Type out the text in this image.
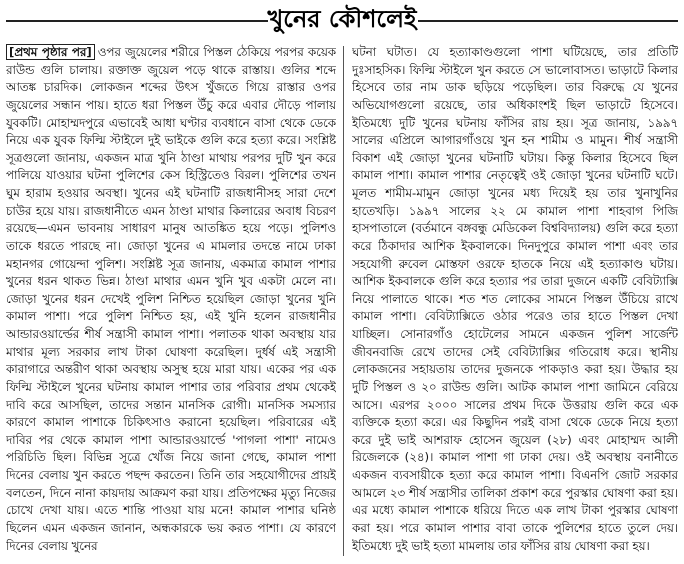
খুনের কৌশলেই

[প্রথম পৃষ্ঠার পর] ওপর জুয়েলের শরীরে পিস্তল ঠেকিয়ে পরপর কয়েক রাউন্ড গুলি চালায়। রক্তাক্ত জুয়েল পড়ে থাকে রাস্তায়। গুলির শব্দে আতঙ্ক চারদিক। লোকজন শব্দের উৎস খুঁজতে গিয়ে রাস্তার ওপর জুয়েলের সন্ধান পায়। হাতে ধরা পিস্তল উঁচু করে এবার দৌড়ে পালায় যুবকটি। মোহাম্মদপুরে এভাবেই আধা ঘণ্টার ব্যবধানে বাসা থেকে ডেকে নিয়ে এক যুবক ফিল্মি স্টাইলে দুই ভাইকে গুলি করে হত্যা করে। সংশ্লিষ্ট সূত্রগুলো জানায়, একজন মাত্র খুনি ঠাণ্ডা মাথায় পরপর দুটি খুন করে পালিয়ে যাওয়ার ঘটনা পুলিশের কেস হিস্ট্রিতেও বিরল। পুলিশের তখন ঘুম হারাম হওয়ার অবস্থা। খুনের এই ঘটনাটি রাজধানীসহ সারা দেশে চাউর হয়ে যায়। রাজধানীতে এমন ঠাণ্ডা মাথার কিলারের অবাধ বিচরণ রয়েছে—এমন ভাবনায় সাধারণ মানুষ আতঙ্কিত হয়ে পড়ে। পুলিশও তাকে ধরতে পারছে না। জোড়া খুনের এ মামলার তদন্তে নামে ঢাকা মহানগর গোয়েন্দা পুলিশ। সংশ্লিষ্ট সূত্র জানায়, একমাত্র কামাল পাশার খুনের ধরন থাকত ভিন্ন। ঠাণ্ডা মাথার এমন খুনি খুব একটা মেলে না। জোড়া খুনের ধরন দেখেই পুলিশ নিশ্চিত হয়েছিল জোড়া খুনের খুনি কামাল পাশা। পরে পুলিশ নিশ্চিত হয়, এই খুনি হলেন রাজধানীর আন্ডারওয়ার্ল্ডের শীর্ষ সন্ত্রাসী কামাল পাশা। পলাতক থাকা অবস্থায় যার মাথার মূল্য সরকার লাখ টাকা ঘোষণা করেছিল। দুর্ধর্ষ এই সন্ত্রাসী কারাগারে অন্তরীণ থাকা অবস্থায় অসুস্থ হয়ে মারা যায়। একের পর এক ফিল্মি স্টাইলে খুনের ঘটনায় কামাল পাশার তার পরিবার প্রথম থেকেই দাবি করে আসছিল, তাদের সন্তান মানসিক রোগী। মানসিক সমস্যার কারণে কামাল পাশাকে চিকিৎসাও করানো হয়েছিল। পরিবারের এই দাবির পর থেকে কামাল পাশা আন্ডারওয়ার্ল্ডে 'পাগলা পাশা' নামেও পরিচিতি ছিল। বিভিন্ন সূত্রে খোঁজ নিয়ে জানা গেছে, কামাল পাশা দিনের বেলায় খুন করতে পছন্দ করতেন। তিনি তার সহযোগীদের প্রায়ই বলতেন, দিনে নানা কায়দায় আক্রমণ করা যায়। প্রতিপক্ষের মৃত্যু নিজের চোখে দেখা যায়। এতে শান্তি পাওয়া যায় মনে! কামাল পাশার ঘনিষ্ঠ ছিলেন এমন একজন জানান, অন্ধকারকে ভয় করত পাশা। যে কারণে দিনের বেলায় খুনের

ঘটনা ঘটাত। যে হত্যাকাণ্ডগুলো পাশা ঘটিয়েছে, তার প্রতিটি দুঃসাহসিক। ফিল্মি স্টাইলে খুন করতে সে ভালোবাসত। ভাড়াটে কিলার হিসেবে তার নাম ডাক ছড়িয়ে পড়েছিল। তার বিরুদ্ধে যে খুনের অভিযোগগুলো রয়েছে, তার অধিকাংশই ছিল ভাড়াটে হিসেবে। ইতিমধ্যে দুটি খুনের ঘটনায় ফাঁসির রায় হয়। সূত্র জানায়, ১৯৯৭ সালের এপ্রিলে আগারগাঁওয়ে খুন হন শামীম ও মামুন। শীর্ষ সন্ত্রাসী বিকাশ এই জোড়া খুনের ঘটনাটি ঘটায়। কিন্তু কিলার হিসেবে ছিল কামাল পাশা। কামাল পাশার নেতৃত্বেই ওই জোড়া খুনের ঘটনাটি ঘটে। মূলত শামীম-মামুন জোড়া খুনের মধ্য দিয়েই হয় তার খুনাখুনির হাতেখড়ি। ১৯৯৭ সালের ২২ মে কামাল পাশা শাহবাগ পিজি হাসপাতালে (বর্তমানে বঙ্গবন্ধু মেডিকেল বিশ্ববিদ্যালয়) গুলি করে হত্যা করে ঠিকাদার আশিক ইকবালকে। দিনদুপুরে কামাল পাশা এবং তার সহযোগী রুবেল মোস্তফা ওরফে হাতকে নিয়ে এই হত্যাকাণ্ড ঘটায়। আশিক ইকবালকে গুলি করে হত্যার পর তারা দুজনে একটি বেবিট্যাক্সি নিয়ে পালাতে থাকে। শত শত লোকের সামনে পিস্তল উঁচিয়ে রাখে কামাল পাশা। বেবিট্যাক্সিতে ওঠার পরেও তার হাতে পিস্তল দেখা যাচ্ছিল। সোনারগাঁও হোটেলের সামনে একজন পুলিশ সার্জেন্ট জীবনবাজি রেখে তাদের সেই বেবিট্যাক্সির গতিরোধ করে। স্থানীয় লোকজনের সহায়তায় তাদের দুজনকে পাকড়াও করা হয়। উদ্ধার হয় দুটি পিস্তল ও ২০ রাউন্ড গুলি। আটক কামাল পাশা জামিনে বেরিয়ে আসে। এরপর ২০০০ সালের প্রথম দিকে উত্তরায় গুলি করে এক ব্যক্তিকে হত্যা করে। এর কিছুদিন পরই বাসা থেকে ডেকে নিয়ে হত্যা করে দুই ভাই আশরাফ হোসেন জুয়েল (২৮) এবং মোহাম্মদ আলী রিজেলকে (২৪)। কামাল পাশা গা ঢাকা দেয়। ওই অবস্থায় বনানীতে একজন ব্যবসায়ীকে হত্যা করে কামাল পাশা। বিএনপি জোট সরকার আমলে ২৩ শীর্ষ সন্ত্রাসীর তালিকা প্রকাশ করে পুরস্কার ঘোষণা করা হয়। এর মধ্যে কামাল পাশাকে ধরিয়ে দিতে এক লাখ টাকা পুরস্কার ঘোষণা করা হয়। পরে কামাল পাশার বাবা তাকে পুলিশের হাতে তুলে দেয়। ইতিমধ্যে দুই ভাই হত্যা মামলায় তার ফাঁসির রায় ঘোষণা করা হয়।
